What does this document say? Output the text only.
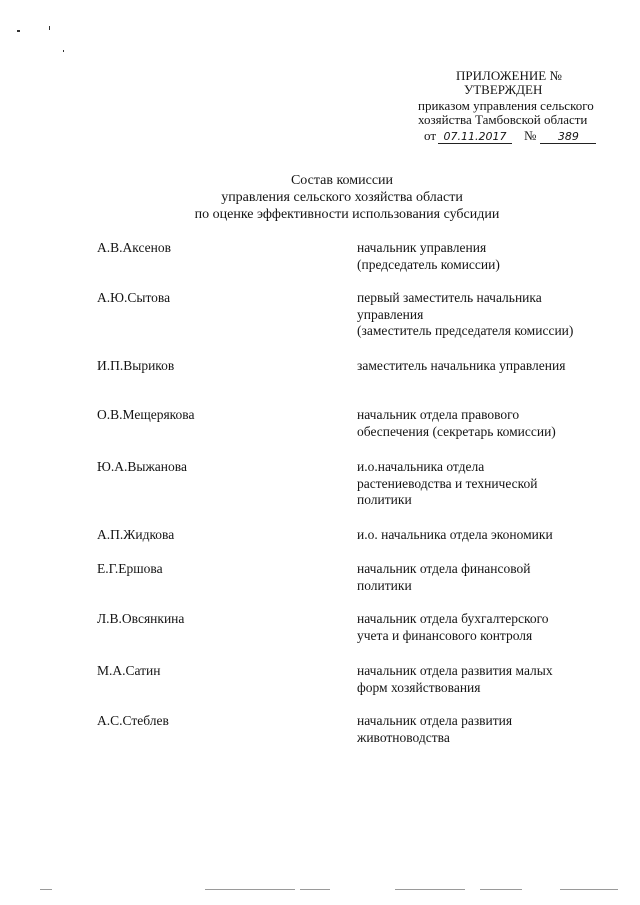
ПРИЛОЖЕНИЕ №
УТВЕРЖДЕН
приказом управления сельского
хозяйства Тамбовской области
от 07.11.2017 № 389
Состав комиссии
управления сельского хозяйства области
по оценке эффективности использования субсидии
А.В.Аксенов	начальник управления
(председатель комиссии)
А.Ю.Сытова	первый заместитель начальника
управления
(заместитель председателя комиссии)
И.П.Выриков	заместитель начальника управления
О.В.Мещерякова	начальник отдела правового
обеспечения (секретарь комиссии)
Ю.А.Выжанова	и.о.начальника отдела
растениеводства и технической
политики
А.П.Жидкова	и.о. начальника отдела экономики
Е.Г.Ершова	начальник отдела финансовой
политики
Л.В.Овсянкина	начальник отдела бухгалтерского
учета и финансового контроля
М.А.Сатин	начальник отдела развития малых
форм хозяйствования
А.С.Стеблев	начальник отдела развития
животноводства
